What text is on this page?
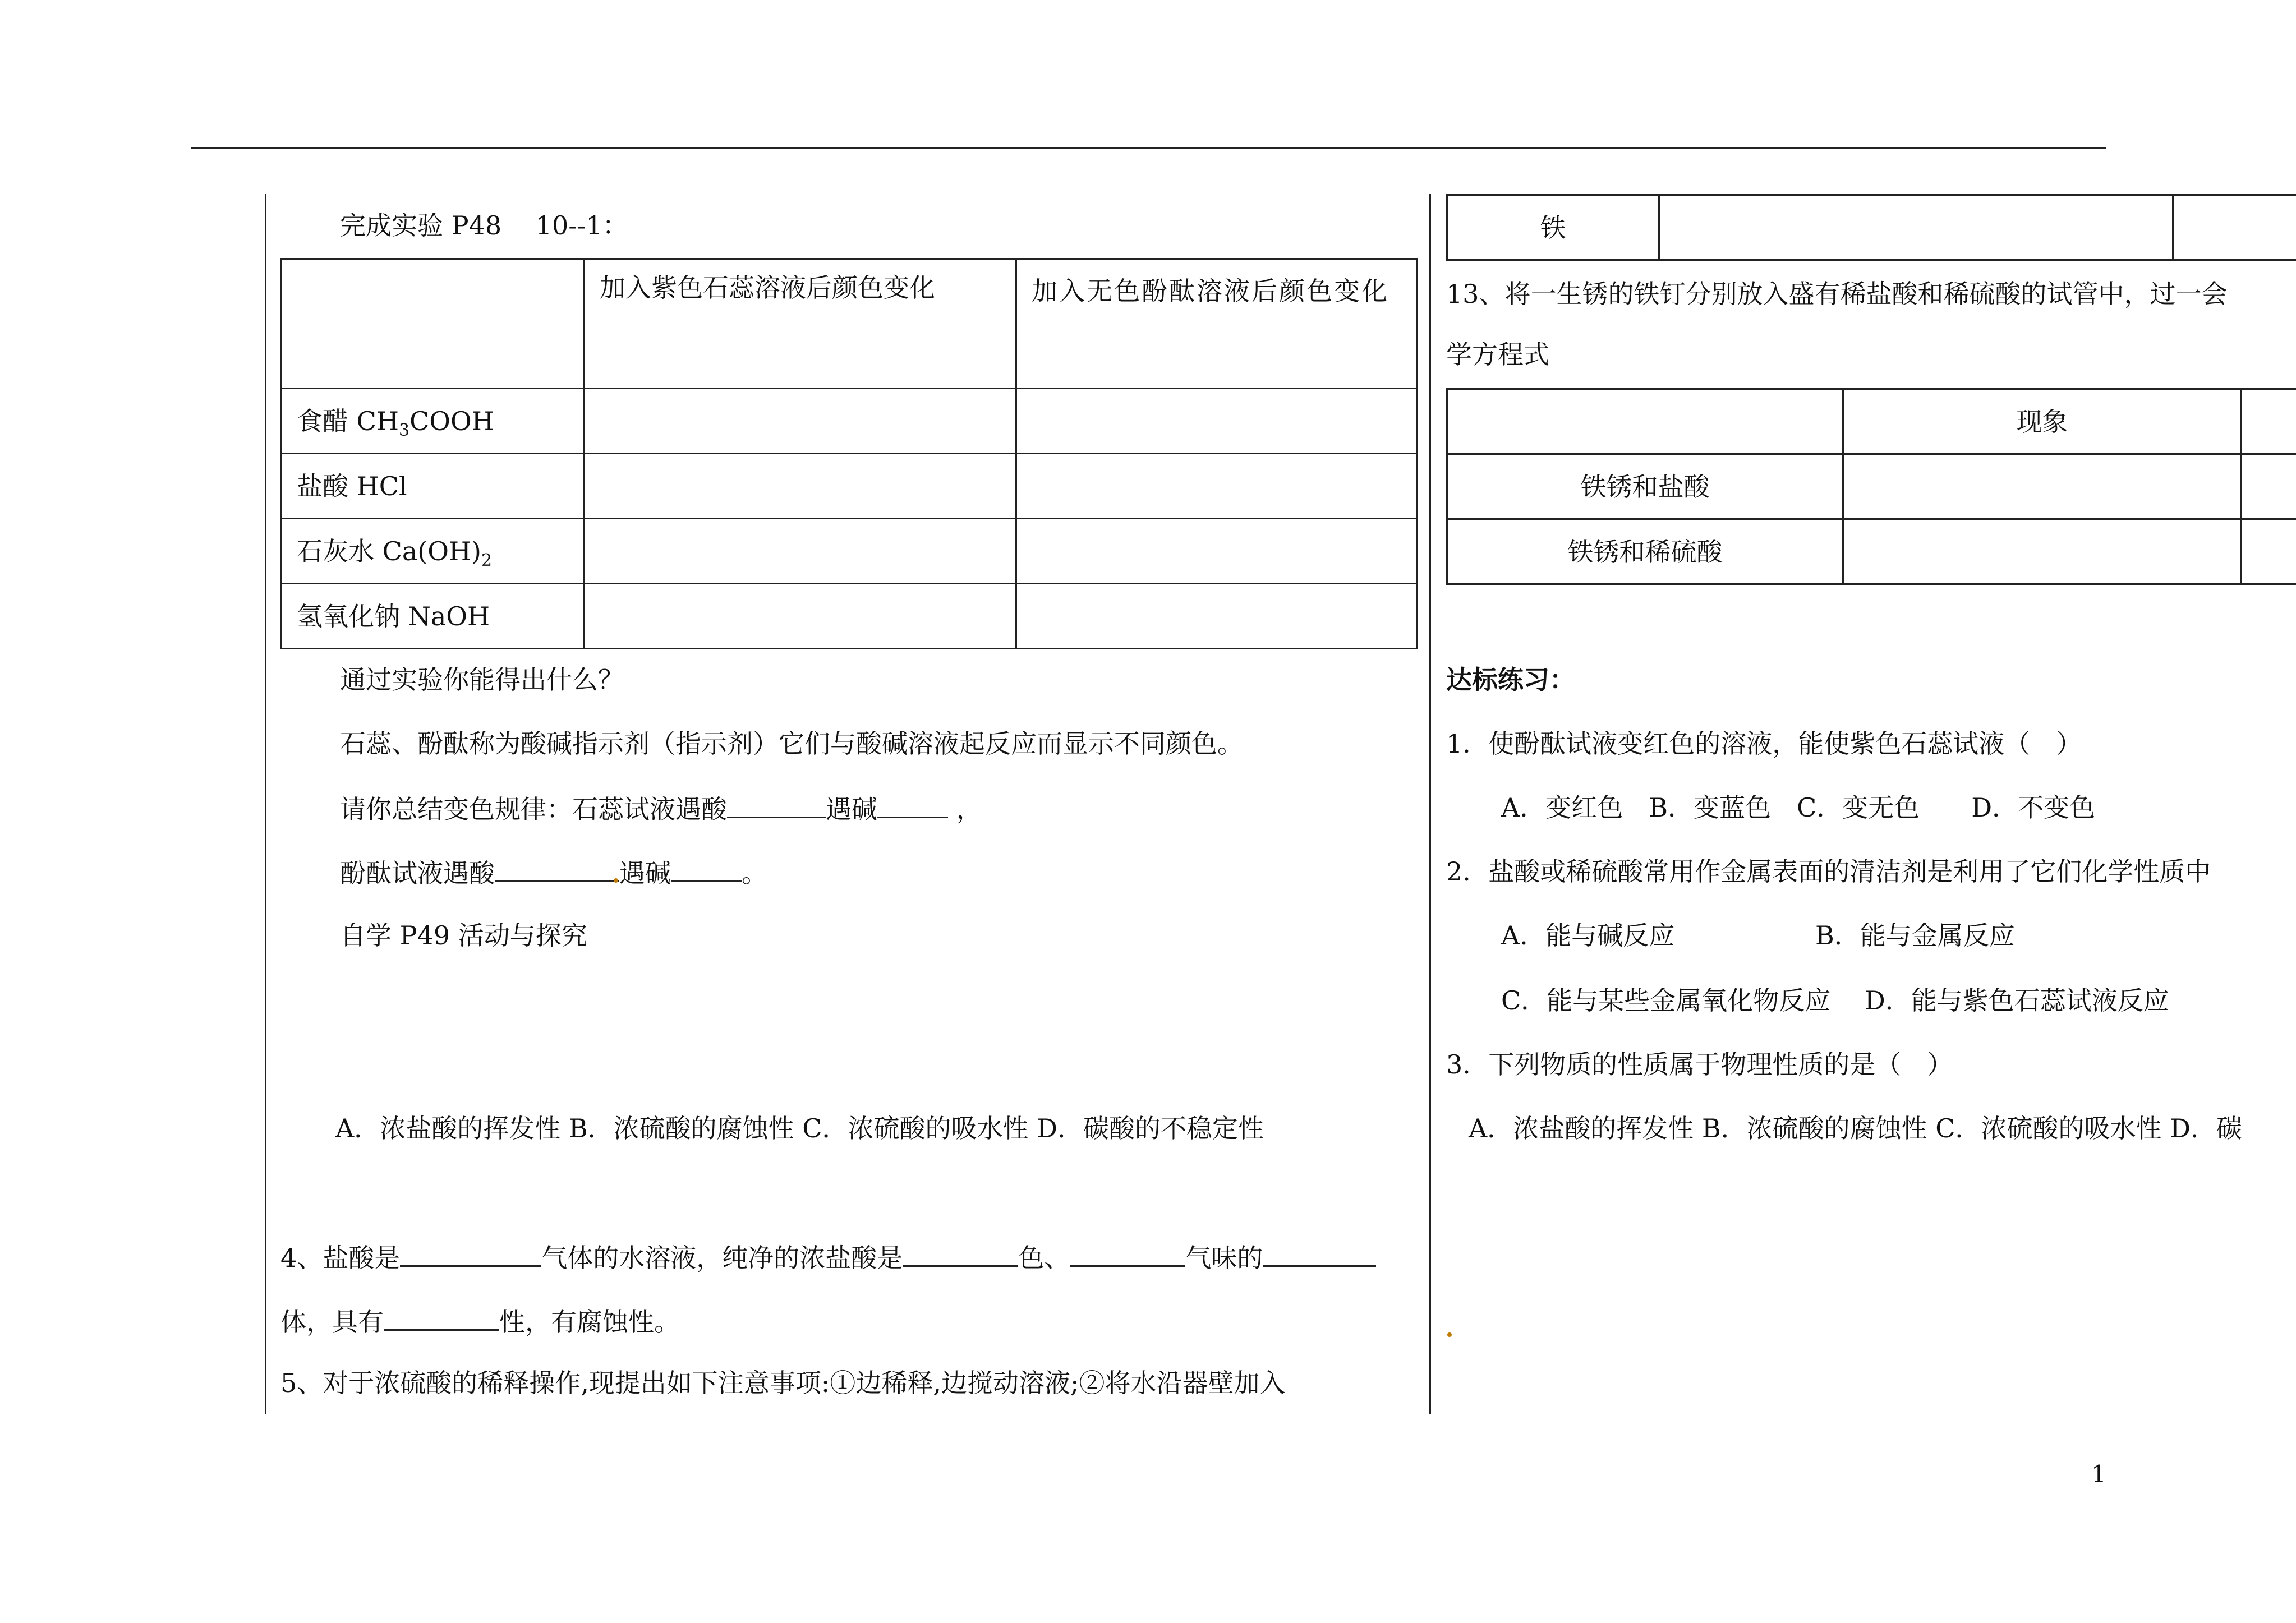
完成实验 P48　 10--1：
	加入紫色石蕊溶液后颜色变化	加入无色酚酞溶液后颜色变化
食醋 $CH_3COOH$		
盐酸 HCl		
石灰水 $Ca(OH)_2$		
氢氧化钠 NaOH		
通过实验你能得出什么？
石蕊、酚酞称为酸碱指示剂（指示剂）它们与酸碱溶液起反应而显示不同颜色。
请你总结变色规律：石蕊试液遇酸	遇碱	，
酚酞试液遇酸	遇碱	。
自学 P49 活动与探究
A．浓盐酸的挥发性 B．浓硫酸的腐蚀性 C．浓硫酸的吸水性 D．碳酸的不稳定性
4、盐酸是	气体的水溶液，纯净的浓盐酸是	色、	气味的
体，具有	性，有腐蚀性。
5、对于浓硫酸的稀释操作,现提出如下注意事项:①边稀释,边搅动溶液;②将水沿器壁加入
铁		
13、将一生锈的铁钉分别放入盛有稀盐酸和稀硫酸的试管中，过一会
学方程式
	现象	
铁锈和盐酸		
铁锈和稀硫酸		
达标练习：
1．使酚酞试液变红色的溶液，能使紫色石蕊试液（　）
A．变红色　B．变蓝色　C．变无色　　D．不变色
2．盐酸或稀硫酸常用作金属表面的清洁剂是利用了它们化学性质中
A．能与碱反应	B．能与金属反应
C．能与某些金属氧化物反应　 D．能与紫色石蕊试液反应
3．下列物质的性质属于物理性质的是（　）
A．浓盐酸的挥发性 B．浓硫酸的腐蚀性 C．浓硫酸的吸水性 D．碳
1
